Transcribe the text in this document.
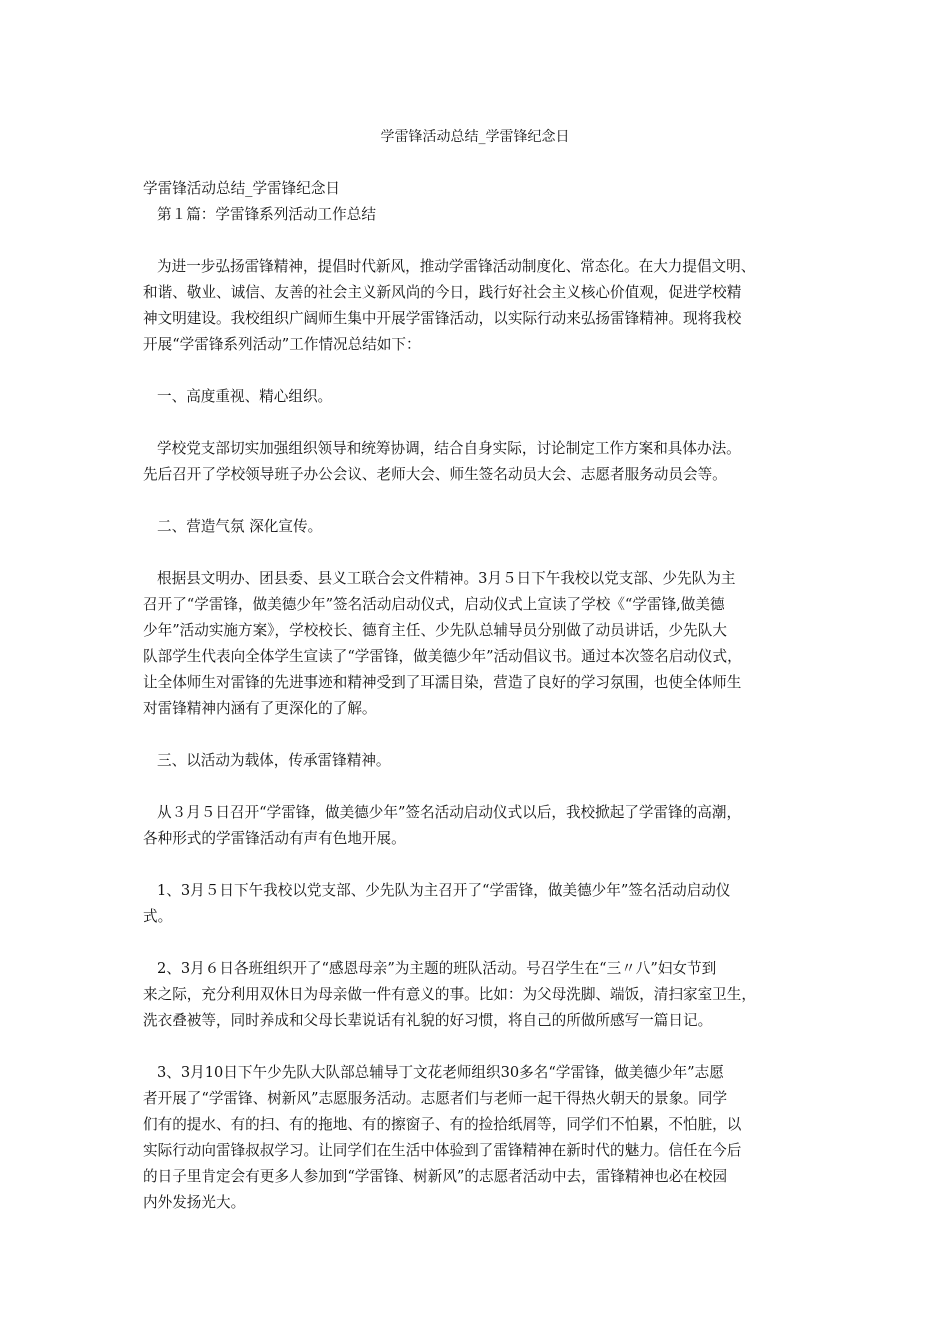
学雷锋活动总结_学雷锋纪念日
学雷锋活动总结_学雷锋纪念日
第１篇：学雷锋系列活动工作总结
为进一步弘扬雷锋精神，提倡时代新风，推动学雷锋活动制度化、常态化。在大力提倡文明、
和谐、敬业、诚信、友善的社会主义新风尚的今日，践行好社会主义核心价值观，促进学校精
神文明建设。我校组织广阔师生集中开展学雷锋活动，以实际行动来弘扬雷锋精神。现将我校
开展“学雷锋系列活动”工作情况总结如下：
一、高度重视、精心组织。
学校党支部切实加强组织领导和统筹协调，结合自身实际，讨论制定工作方案和具体办法。
先后召开了学校领导班子办公会议、老师大会、师生签名动员大会、志愿者服务动员会等。
二、营造气氛 深化宣传。
根据县文明办、团县委、县义工联合会文件精神。3月５日下午我校以党支部、少先队为主
召开了“学雷锋，做美德少年”签名活动启动仪式，启动仪式上宣读了学校《“学雷锋,做美德
少年”活动实施方案》，学校校长、德育主任、少先队总辅导员分别做了动员讲话，少先队大
队部学生代表向全体学生宣读了“学雷锋，做美德少年”活动倡议书。通过本次签名启动仪式，
让全体师生对雷锋的先进事迹和精神受到了耳濡目染，营造了良好的学习氛围，也使全体师生
对雷锋精神内涵有了更深化的了解。
三、以活动为载体，传承雷锋精神。
从３月５日召开“学雷锋，做美德少年”签名活动启动仪式以后，我校掀起了学雷锋的高潮，
各种形式的学雷锋活动有声有色地开展。
1、3月５日下午我校以党支部、少先队为主召开了“学雷锋，做美德少年”签名活动启动仪
式。
2、3月６日各班组织开了“感恩母亲”为主题的班队活动。号召学生在“三〃八”妇女节到
来之际，充分利用双休日为母亲做一件有意义的事。比如：为父母洗脚、端饭，清扫家室卫生，
洗衣叠被等，同时养成和父母长辈说话有礼貌的好习惯，将自己的所做所感写一篇日记。
3、3月10日下午少先队大队部总辅导丁文花老师组织30多名“学雷锋，做美德少年”志愿
者开展了“学雷锋、树新风”志愿服务活动。志愿者们与老师一起干得热火朝天的景象。同学
们有的提水、有的扫、有的拖地、有的擦窗子、有的捡拾纸屑等，同学们不怕累，不怕脏，以
实际行动向雷锋叔叔学习。让同学们在生活中体验到了雷锋精神在新时代的魅力。信任在今后
的日子里肯定会有更多人参加到“学雷锋、树新风”的志愿者活动中去，雷锋精神也必在校园
内外发扬光大。
